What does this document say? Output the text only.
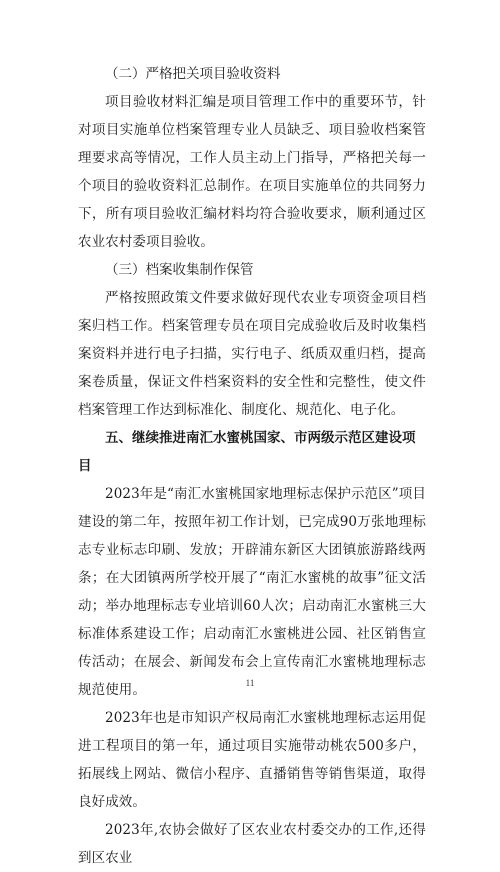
（二）严格把关项目验收资料

项目验收材料汇编是项目管理工作中的重要环节，针对项目实施单位档案管理专业人员缺乏、项目验收档案管理要求高等情况，工作人员主动上门指导，严格把关每一个项目的验收资料汇总制作。在项目实施单位的共同努力下，所有项目验收汇编材料均符合验收要求，顺利通过区农业农村委项目验收。

（三）档案收集制作保管

严格按照政策文件要求做好现代农业专项资金项目档案归档工作。档案管理专员在项目完成验收后及时收集档案资料并进行电子扫描，实行电子、纸质双重归档，提高案卷质量，保证文件档案资料的安全性和完整性，使文件档案管理工作达到标准化、制度化、规范化、电子化。

五、继续推进南汇水蜜桃国家、市两级示范区建设项目

2023年是“南汇水蜜桃国家地理标志保护示范区”项目建设的第二年，按照年初工作计划，已完成90万张地理标志专业标志印刷、发放；开辟浦东新区大团镇旅游路线两条；在大团镇两所学校开展了“南汇水蜜桃的故事”征文活动；举办地理标志专业培训60人次；启动南汇水蜜桃三大标准体系建设工作；启动南汇水蜜桃进公园、社区销售宣传活动；在展会、新闻发布会上宣传南汇水蜜桃地理标志规范使用。

2023年也是市知识产权局南汇水蜜桃地理标志运用促进工程项目的第一年，通过项目实施带动桃农500多户，拓展线上网站、微信小程序、直播销售等销售渠道，取得良好成效。

2023年,农协会做好了区农业农村委交办的工作,还得到区农业

11
